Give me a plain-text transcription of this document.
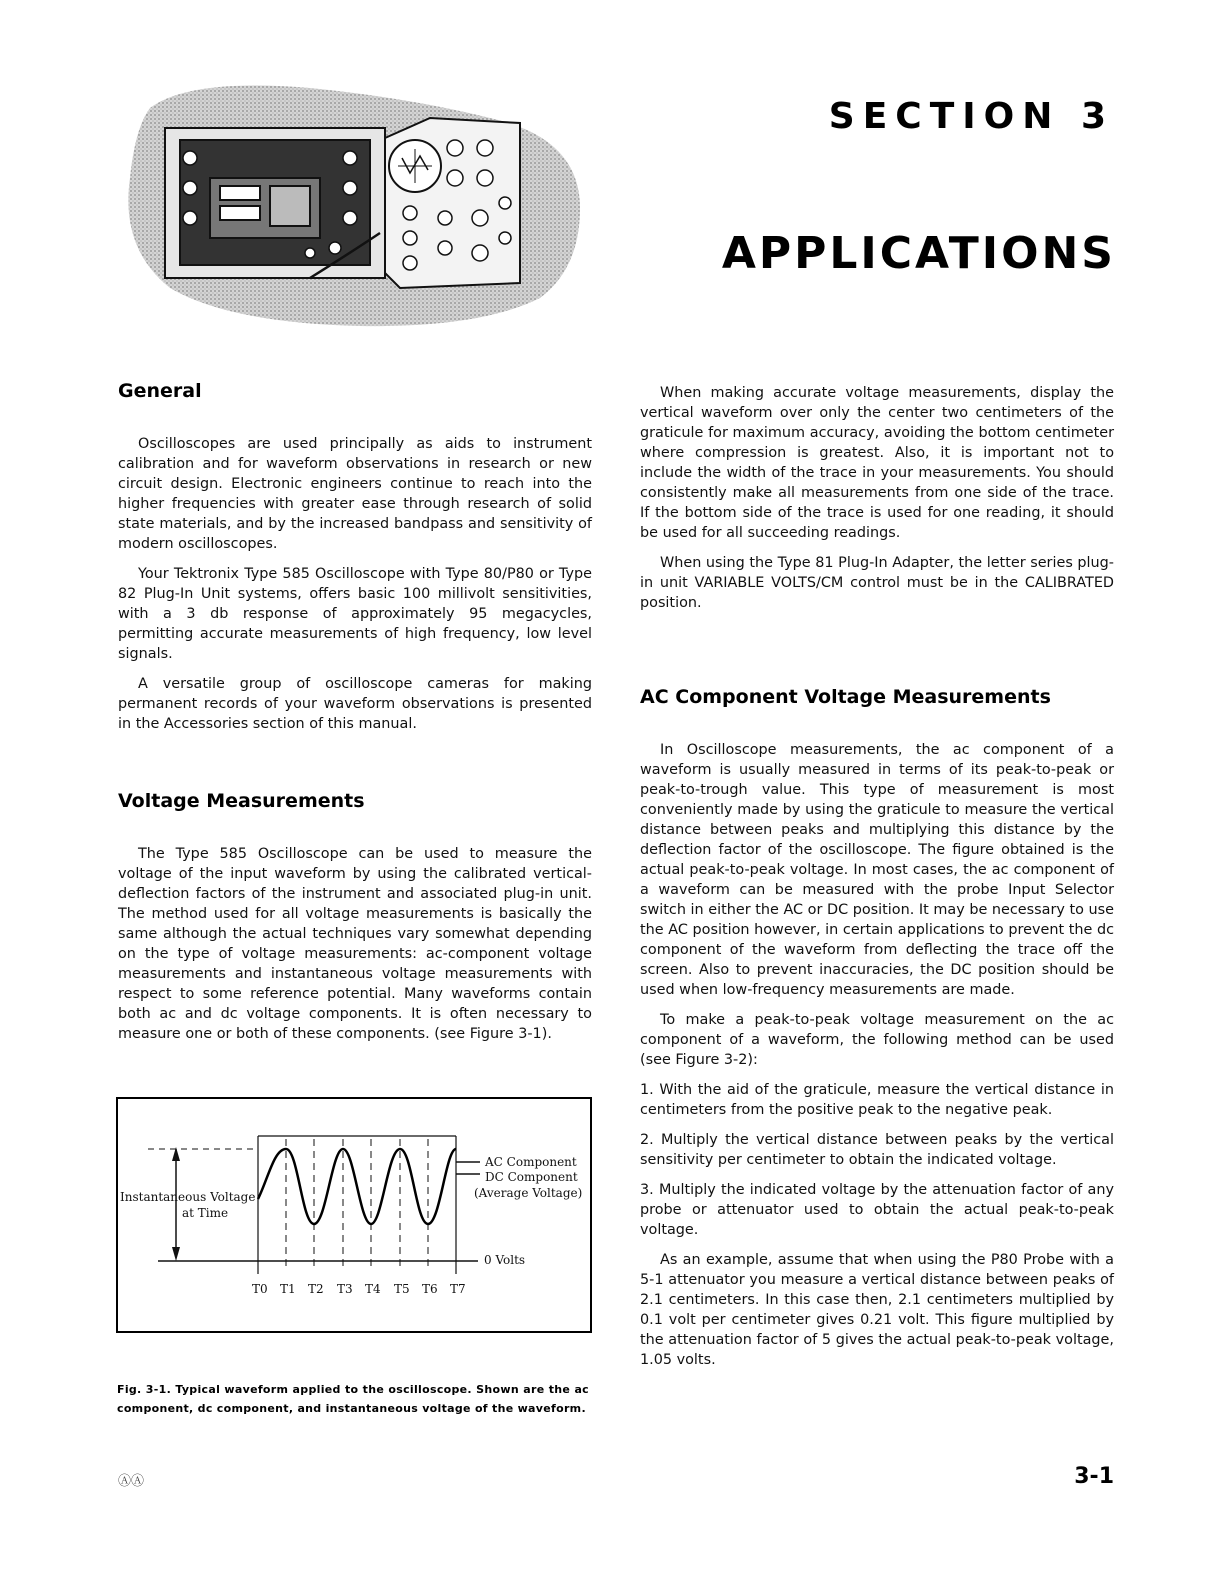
SECTION 3
APPLICATIONS
General

Oscilloscopes are used principally as aids to instrument calibration and for waveform observations in research or new circuit design. Electronic engineers continue to reach into the higher frequencies with greater ease through research of solid state materials, and by the increased bandpass and sensitivity of modern oscilloscopes.

Your Tektronix Type 585 Oscilloscope with Type 80/P80 or Type 82 Plug-In Unit systems, offers basic 100 millivolt sensitivities, with a 3 db response of approximately 95 megacycles, permitting accurate measurements of high frequency, low level signals.

A versatile group of oscilloscope cameras for making permanent records of your waveform observations is presented in the Accessories section of this manual.

Voltage Measurements

The Type 585 Oscilloscope can be used to measure the voltage of the input waveform by using the calibrated vertical-deflection factors of the instrument and associated plug-in unit. The method used for all voltage measurements is basically the same although the actual techniques vary somewhat depending on the type of voltage measurements: ac-component voltage measurements and instantaneous voltage measurements with respect to some reference potential. Many waveforms contain both ac and dc voltage components. It is often necessary to measure one or both of these components. (see Figure 3-1).

AC Component
DC Component
(Average Voltage)
Instantaneous Voltage
at Time
0 Volts
T0 T1 T2 T3 T4 T5 T6 T7
Fig. 3-1. Typical waveform applied to the oscilloscope. Shown are the ac component, dc component, and instantaneous voltage of the waveform.

When making accurate voltage measurements, display the vertical waveform over only the center two centimeters of the graticule for maximum accuracy, avoiding the bottom centimeter where compression is greatest. Also, it is important not to include the width of the trace in your measurements. You should consistently make all measurements from one side of the trace. If the bottom side of the trace is used for one reading, it should be used for all succeeding readings.

When using the Type 81 Plug-In Adapter, the letter series plug-in unit VARIABLE VOLTS/CM control must be in the CALIBRATED position.

AC Component Voltage Measurements

In Oscilloscope measurements, the ac component of a waveform is usually measured in terms of its peak-to-peak or peak-to-trough value. This type of measurement is most conveniently made by using the graticule to measure the vertical distance between peaks and multiplying this distance by the deflection factor of the oscilloscope. The figure obtained is the actual peak-to-peak voltage. In most cases, the ac component of a waveform can be measured with the probe Input Selector switch in either the AC or DC position. It may be necessary to use the AC position however, in certain applications to prevent the dc component of the waveform from deflecting the trace off the screen. Also to prevent inaccuracies, the DC position should be used when low-frequency measurements are made.

To make a peak-to-peak voltage measurement on the ac component of a waveform, the following method can be used (see Figure 3-2):

1. With the aid of the graticule, measure the vertical distance in centimeters from the positive peak to the negative peak.

2. Multiply the vertical distance between peaks by the vertical sensitivity per centimeter to obtain the indicated voltage.

3. Multiply the indicated voltage by the attenuation factor of any probe or attenuator used to obtain the actual peak-to-peak voltage.

As an example, assume that when using the P80 Probe with a 5-1 attenuator you measure a vertical distance between peaks of 2.1 centimeters. In this case then, 2.1 centimeters multiplied by 0.1 volt per centimeter gives 0.21 volt. This figure multiplied by the attenuation factor of 5 gives the actual peak-to-peak voltage, 1.05 volts.

ⒶⒶ	3-1
